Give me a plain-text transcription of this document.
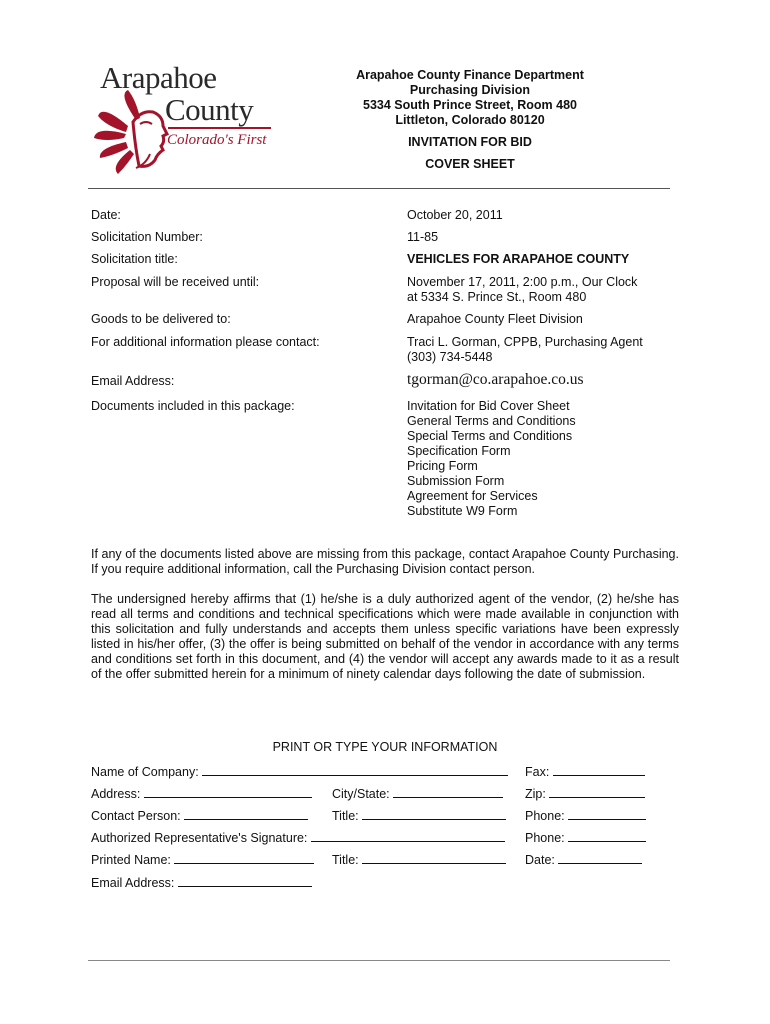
Arapahoe
County
Colorado's First
Arapahoe County Finance Department
Purchasing Division
5334 South Prince Street, Room 480
Littleton, Colorado 80120
INVITATION FOR BID
COVER SHEET
Date:	October 20, 2011
Solicitation Number:	11-85
Solicitation title:	VEHICLES FOR ARAPAHOE COUNTY
Proposal will be received until:	November 17, 2011, 2:00 p.m., Our Clock
at 5334 S. Prince St., Room 480
Goods to be delivered to:	Arapahoe County Fleet Division
For additional information please contact:	Traci L. Gorman, CPPB, Purchasing Agent
(303) 734-5448
Email Address:	tgorman@co.arapahoe.co.us
Documents included in this package:	Invitation for Bid Cover Sheet
General Terms and Conditions
Special Terms and Conditions
Specification Form
Pricing Form
Submission Form
Agreement for Services
Substitute W9 Form
If any of the documents listed above are missing from this package, contact Arapahoe County Purchasing. If you require additional information, call the Purchasing Division contact person.
The undersigned hereby affirms that (1) he/she is a duly authorized agent of the vendor, (2) he/she has read all terms and conditions and technical specifications which were made available in conjunction with this solicitation and fully understands and accepts them unless specific variations have been expressly listed in his/her offer, (3) the offer is being submitted on behalf of the vendor in accordance with any terms and conditions set forth in this document, and (4) the vendor will accept any awards made to it as a result of the offer submitted herein for a minimum of ninety calendar days following the date of submission.
PRINT OR TYPE YOUR INFORMATION
Name of Company:	Fax:
Address:	City/State:	Zip:
Contact Person:	Title:	Phone:
Authorized Representative's Signature:	Phone:
Printed Name:	Title:	Date:
Email Address:
